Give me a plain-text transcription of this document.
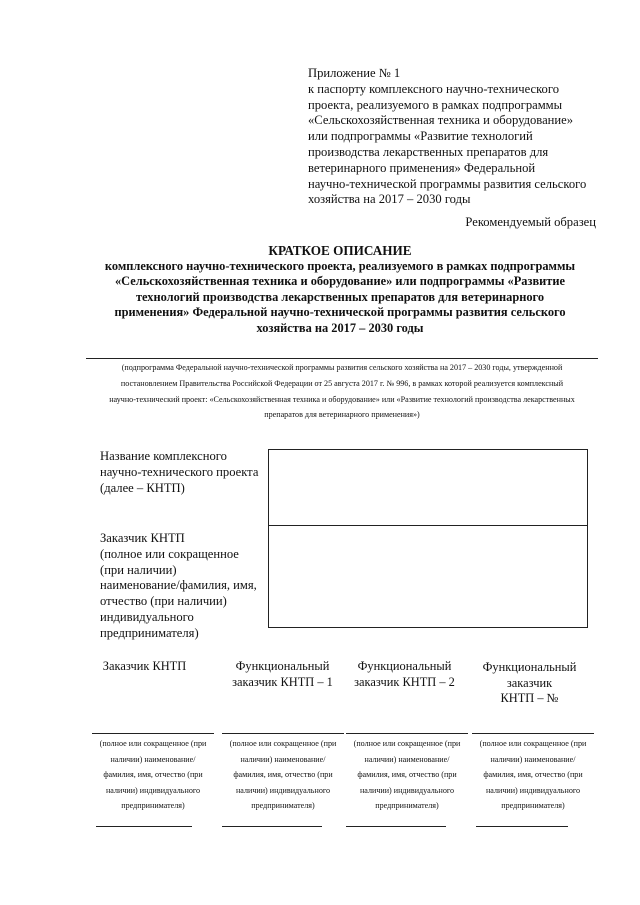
Приложение № 1
к паспорту комплексного научно-технического
проекта, реализуемого в рамках подпрограммы
«Сельскохозяйственная техника и оборудование»
или подпрограммы «Развитие технологий
производства лекарственных препаратов для
ветеринарного применения» Федеральной
научно-технической программы развития сельского
хозяйства на 2017 – 2030 годы
Рекомендуемый образец
КРАТКОЕ ОПИСАНИЕ
комплексного научно-технического проекта, реализуемого в рамках подпрограммы
«Сельскохозяйственная техника и оборудование» или подпрограммы «Развитие
технологий производства лекарственных препаратов для ветеринарного
применения» Федеральной научно-технической программы развития сельского
хозяйства на 2017 – 2030 годы
(подпрограмма Федеральной научно-технической программы развития сельского хозяйства на 2017 – 2030 годы, утвержденной
постановлением Правительства Российской Федерации от 25 августа 2017 г. № 996, в рамках которой реализуется комплексный
научно-технический проект: «Сельскохозяйственная техника и оборудование» или «Развитие технологий производства лекарственных
препаратов для ветеринарного применения»)
Название комплексного
научно-технического проекта
(далее – КНТП)
Заказчик КНТП
(полное или сокращенное
(при наличии)
наименование/фамилия, имя,
отчество (при наличии)
индивидуального
предпринимателя)
Заказчик КНТП	Функциональный
заказчик КНТП – 1
Функциональный
заказчик КНТП – 2
Функциональный
заказчик
КНТП – №
(полное или сокращенное (при
наличии) наименование/
фамилия, имя, отчество (при
наличии) индивидуального
предпринимателя)
(полное или сокращенное (при
наличии) наименование/
фамилия, имя, отчество (при
наличии) индивидуального
предпринимателя)
(полное или сокращенное (при
наличии) наименование/
фамилия, имя, отчество (при
наличии) индивидуального
предпринимателя)
(полное или сокращенное (при
наличии) наименование/
фамилия, имя, отчество (при
наличии) индивидуального
предпринимателя)
